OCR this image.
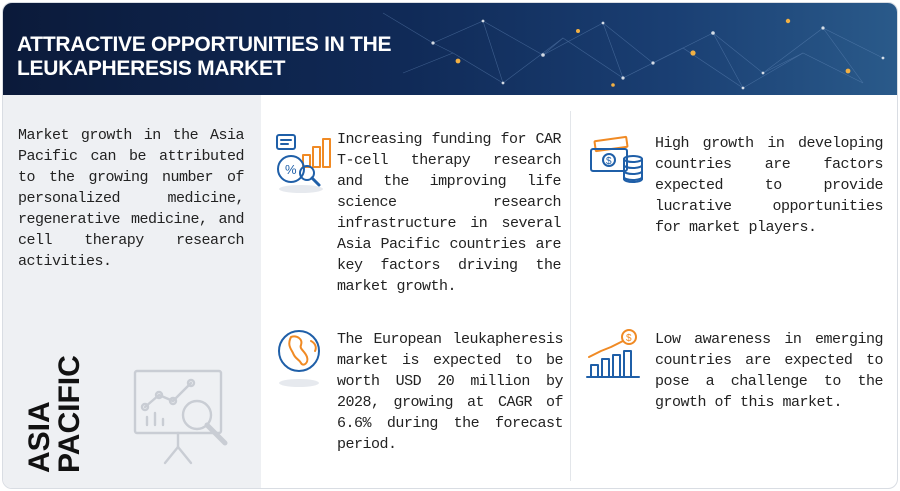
ATTRACTIVE OPPORTUNITIES IN THE
LEUKAPHERESIS MARKET
Market growth in the Asia Pacific can be attributed to the growing number of personalized medicine, regenerative medicine, and cell therapy research activities.
ASIA
PACIFIC
%
Increasing funding for CAR T-cell therapy research and the improving life science research infrastructure in several Asia Pacific countries are key factors driving the market growth.
$
High growth in developing countries are factors expected to provide lucrative opportunities for market players.
The European leukapheresis market is expected to be worth USD 20 million by 2028, growing at CAGR of 6.6% during the forecast period.
$ Low awareness in emerging countries are expected to pose a challenge to the growth of this market.
